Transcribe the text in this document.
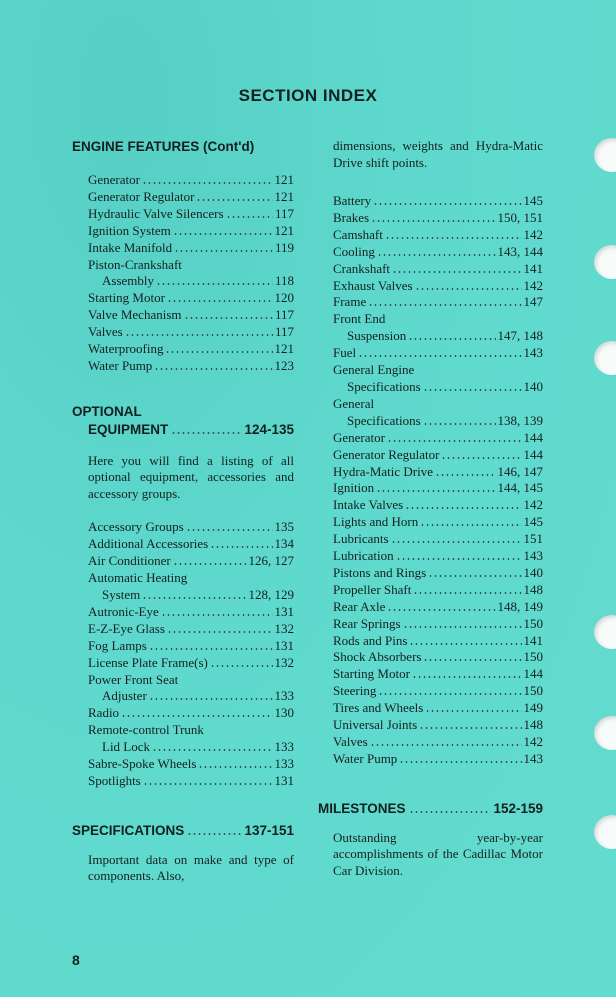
SECTION INDEX
ENGINE FEATURES (Cont'd)
Generator	121
Generator Regulator	121
Hydraulic Valve Silencers	117
Ignition System	121
Intake Manifold	119
Piston-Crankshaft
Assembly	118
Starting Motor	120
Valve Mechanism	117
Valves	117
Waterproofing	121
Water Pump	123
OPTIONAL
EQUIPMENT	124-135
Here you will find a listing of all optional equipment, accessories and accessory groups.
Accessory Groups	135
Additional Accessories	134
Air Conditioner	126, 127
Automatic Heating
System	128, 129
Autronic-Eye	131
E-Z-Eye Glass	132
Fog Lamps	131
License Plate Frame(s)	132
Power Front Seat
Adjuster	133
Radio	130
Remote-control Trunk
Lid Lock	133
Sabre-Spoke Wheels	133
Spotlights	131
SPECIFICATIONS	137-151
Important data on make and type of components. Also,
dimensions, weights and Hydra-Matic Drive shift points.
Battery	145
Brakes	150, 151
Camshaft	142
Cooling	143, 144
Crankshaft	141
Exhaust Valves	142
Frame	147
Front End
Suspension	147, 148
Fuel	143
General Engine
Specifications	140
General
Specifications	138, 139
Generator	144
Generator Regulator	144
Hydra-Matic Drive	146, 147
Ignition	144, 145
Intake Valves	142
Lights and Horn	145
Lubricants	151
Lubrication	143
Pistons and Rings	140
Propeller Shaft	148
Rear Axle	148, 149
Rear Springs	150
Rods and Pins	141
Shock Absorbers	150
Starting Motor	144
Steering	150
Tires and Wheels	149
Universal Joints	148
Valves	142
Water Pump	143
MILESTONES	152-159
Outstanding year-by-year accomplishments of the Cadillac Motor Car Division.
8
